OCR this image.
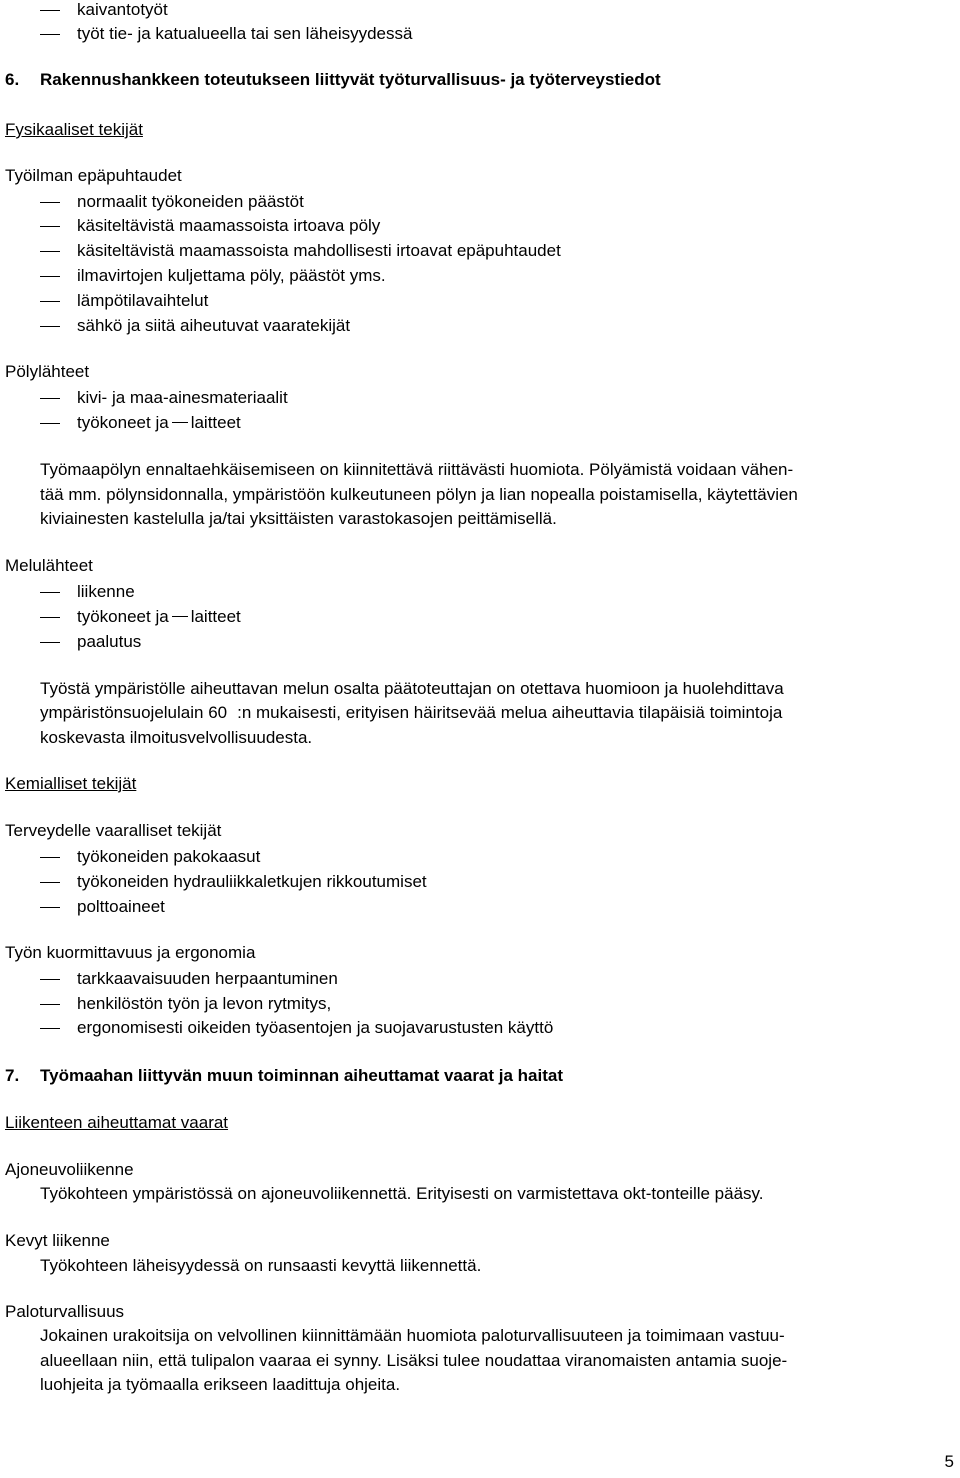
kaivantotyöt
työt tie- ja katualueella tai sen läheisyydessä
6. Rakennushankkeen toteutukseen liittyvät työturvallisuus- ja työterveystiedot
Fysikaaliset tekijät
Työilman epäpuhtaudet
normaalit työkoneiden päästöt
käsiteltävistä maamassoista irtoava pöly
käsiteltävistä maamassoista mahdollisesti irtoavat epäpuhtaudet
ilmavirtojen kuljettama pöly, päästöt yms.
lämpötilavaihtelut
sähkö ja siitä aiheutuvat vaaratekijät
Pölylähteet
kivi- ja maa-ainesmateriaalit
työkoneet ja laitteet
Työmaapölyn ennaltaehkäisemiseen on kiinnitettävä riittävästi huomiota. Pölyämistä voidaan vähen-
tää mm. pölynsidonnalla, ympäristöön kulkeutuneen pölyn ja lian nopealla poistamisella, käytettävien
kiviainesten kastelulla ja/tai yksittäisten varastokasojen peittämisellä.
Melulähteet
liikenne
työkoneet ja laitteet
paalutus
Työstä ympäristölle aiheuttavan melun osalta päätoteuttajan on otettava huomioon ja huolehdittava
ympäristönsuojelulain 60 :n mukaisesti, erityisen häiritsevää melua aiheuttavia tilapäisiä toimintoja
koskevasta ilmoitusvelvollisuudesta.
Kemialliset tekijät
Terveydelle vaaralliset tekijät
työkoneiden pakokaasut
työkoneiden hydrauliikkaletkujen rikkoutumiset
polttoaineet
Työn kuormittavuus ja ergonomia
tarkkaavaisuuden herpaantuminen
henkilöstön työn ja levon rytmitys,
ergonomisesti oikeiden työasentojen ja suojavarustusten käyttö
7. Työmaahan liittyvän muun toiminnan aiheuttamat vaarat ja haitat
Liikenteen aiheuttamat vaarat
Ajoneuvoliikenne
Työkohteen ympäristössä on ajoneuvoliikennettä. Erityisesti on varmistettava okt-tonteille pääsy.
Kevyt liikenne
Työkohteen läheisyydessä on runsaasti kevyttä liikennettä.
Paloturvallisuus
Jokainen urakoitsija on velvollinen kiinnittämään huomiota paloturvallisuuteen ja toimimaan vastuu-
alueellaan niin, että tulipalon vaaraa ei synny. Lisäksi tulee noudattaa viranomaisten antamia suoje-
luohjeita ja työmaalla erikseen laadittuja ohjeita.
5
